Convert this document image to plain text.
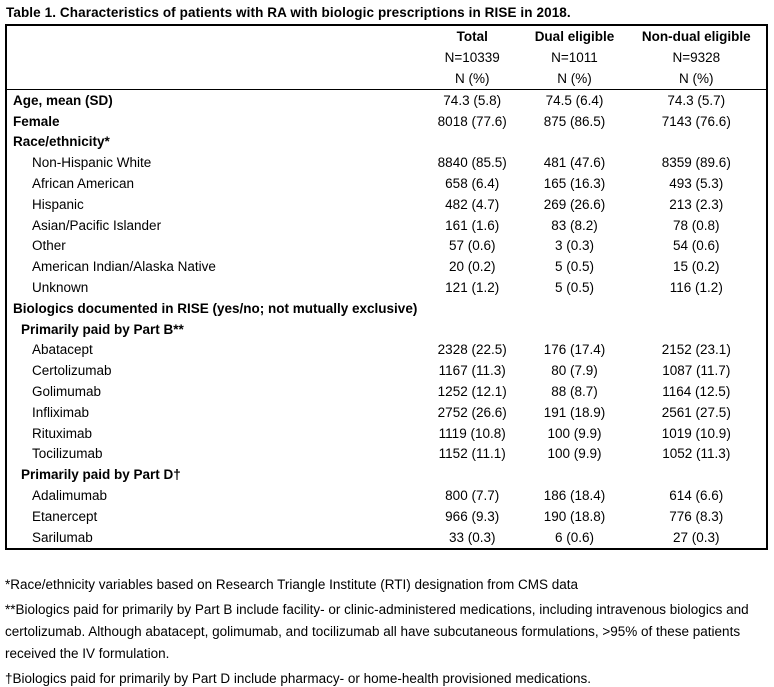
Table 1. Characteristics of patients with RA with biologic prescriptions in RISE in 2018.
	Total	Dual eligible	Non-dual eligible
	N=10339	N=1011	N=9328
	N (%)	N (%)	N (%)
Age, mean (SD)	74.3 (5.8)	74.5 (6.4)	74.3 (5.7)
Female	8018 (77.6)	875 (86.5)	7143 (76.6)
Race/ethnicity*			
Non-Hispanic White	8840 (85.5)	481 (47.6)	8359 (89.6)
African American	658 (6.4)	165 (16.3)	493 (5.3)
Hispanic	482 (4.7)	269 (26.6)	213 (2.3)
Asian/Pacific Islander	161 (1.6)	83 (8.2)	78 (0.8)
Other	57 (0.6)	3 (0.3)	54 (0.6)
American Indian/Alaska Native	20 (0.2)	5 (0.5)	15 (0.2)
Unknown	121 (1.2)	5 (0.5)	116 (1.2)
Biologics documented in RISE (yes/no; not mutually exclusive)			
Primarily paid by Part B**			
Abatacept	2328 (22.5)	176 (17.4)	2152 (23.1)
Certolizumab	1167 (11.3)	80 (7.9)	1087 (11.7)
Golimumab	1252 (12.1)	88 (8.7)	1164 (12.5)
Infliximab	2752 (26.6)	191 (18.9)	2561 (27.5)
Rituximab	1119 (10.8)	100 (9.9)	1019 (10.9)
Tocilizumab	1152 (11.1)	100 (9.9)	1052 (11.3)
Primarily paid by Part D†			
Adalimumab	800 (7.7)	186 (18.4)	614 (6.6)
Etanercept	966 (9.3)	190 (18.8)	776 (8.3)
Sarilumab	33 (0.3)	6 (0.6)	27 (0.3)

*Race/ethnicity variables based on Research Triangle Institute (RTI) designation from CMS data

**Biologics paid for primarily by Part B include facility- or clinic-administered medications, including intravenous biologics and certolizumab. Although abatacept, golimumab, and tocilizumab all have subcutaneous formulations, >95% of these patients received the IV formulation.

†Biologics paid for primarily by Part D include pharmacy- or home-health provisioned medications.
